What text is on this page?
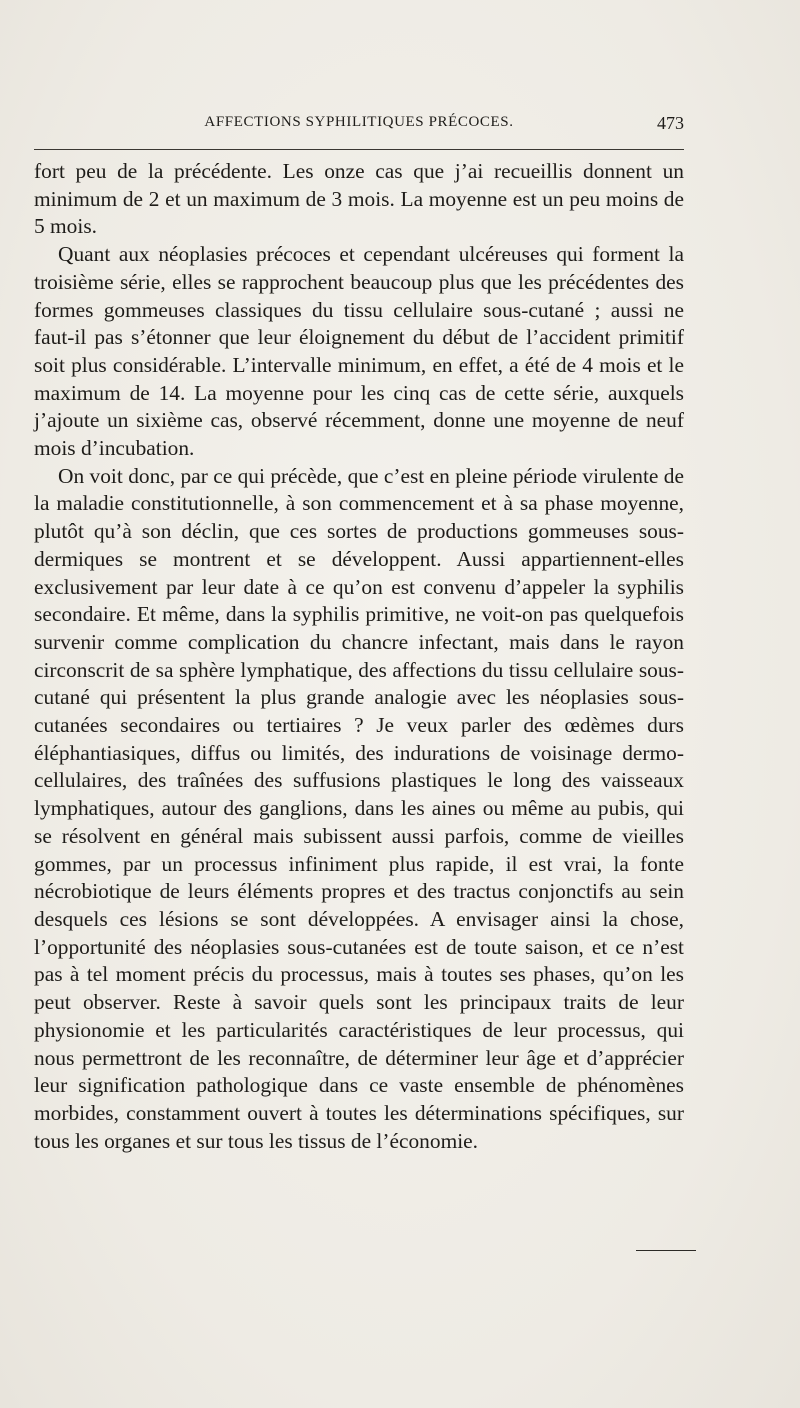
AFFECTIONS SYPHILITIQUES PRÉCOCES.	473

fort peu de la précédente. Les onze cas que j’ai recueillis donnent un minimum de 2 et un maximum de 3 mois. La moyenne est un peu moins de 5 mois.

Quant aux néoplasies précoces et cependant ulcéreuses qui forment la troisième série, elles se rapprochent beaucoup plus que les précédentes des formes gommeuses classiques du tissu cellulaire sous-cutané ; aussi ne faut-il pas s’étonner que leur éloignement du début de l’accident primitif soit plus considérable. L’intervalle minimum, en effet, a été de 4 mois et le maximum de 14. La moyenne pour les cinq cas de cette série, auxquels j’ajoute un sixième cas, observé récemment, donne une moyenne de neuf mois d’incubation.

On voit donc, par ce qui précède, que c’est en pleine période virulente de la maladie constitutionnelle, à son commencement et à sa phase moyenne, plutôt qu’à son déclin, que ces sortes de productions gommeuses sous-dermiques se montrent et se développent. Aussi appartiennent-elles exclusivement par leur date à ce qu’on est convenu d’appeler la syphilis secondaire. Et même, dans la syphilis primitive, ne voit-on pas quelquefois survenir comme complication du chancre infectant, mais dans le rayon circonscrit de sa sphère lymphatique, des affections du tissu cellulaire sous-cutané qui présentent la plus grande analogie avec les néoplasies sous-cutanées secondaires ou tertiaires ? Je veux parler des œdèmes durs éléphantiasiques, diffus ou limités, des indurations de voisinage dermo-cellulaires, des traînées des suffusions plastiques le long des vaisseaux lymphatiques, autour des ganglions, dans les aines ou même au pubis, qui se résolvent en général mais subissent aussi parfois, comme de vieilles gommes, par un processus infiniment plus rapide, il est vrai, la fonte nécrobiotique de leurs éléments propres et des tractus conjonctifs au sein desquels ces lésions se sont développées. A envisager ainsi la chose, l’opportunité des néoplasies sous-cutanées est de toute saison, et ce n’est pas à tel moment précis du processus, mais à toutes ses phases, qu’on les peut observer. Reste à savoir quels sont les principaux traits de leur physionomie et les particularités caractéristiques de leur processus, qui nous permettront de les reconnaître, de déterminer leur âge et d’apprécier leur signification pathologique dans ce vaste ensemble de phénomènes morbides, constamment ouvert à toutes les déterminations spécifiques, sur tous les organes et sur tous les tissus de l’économie.
